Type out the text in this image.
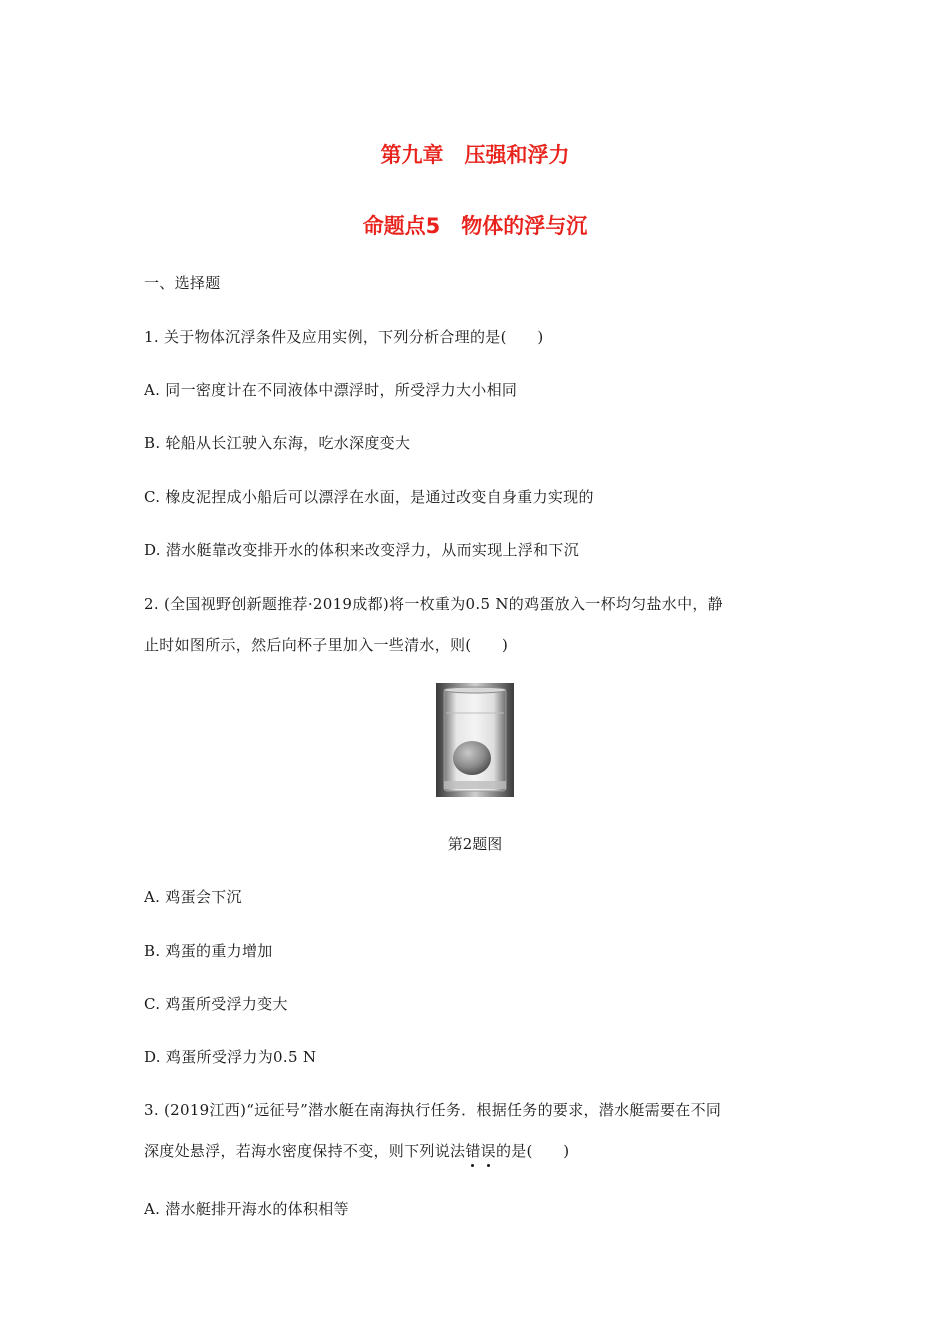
第九章　压强和浮力
命题点5　物体的浮与沉
一、选择题
1. 关于物体沉浮条件及应用实例，下列分析合理的是(　　)
A. 同一密度计在不同液体中漂浮时，所受浮力大小相同
B. 轮船从长江驶入东海，吃水深度变大
C. 橡皮泥捏成小船后可以漂浮在水面，是通过改变自身重力实现的
D. 潜水艇靠改变排开水的体积来改变浮力，从而实现上浮和下沉
2. (全国视野创新题推荐·2019成都)将一枚重为0.5 N的鸡蛋放入一杯均匀盐水中，静
止时如图所示，然后向杯子里加入一些清水，则(　　)
第2题图
A. 鸡蛋会下沉
B. 鸡蛋的重力增加
C. 鸡蛋所受浮力变大
D. 鸡蛋所受浮力为0.5 N
3. (2019江西)“远征号”潜水艇在南海执行任务．根据任务的要求，潜水艇需要在不同
深度处悬浮，若海水密度保持不变，则下列说法错误的是(　　)
A. 潜水艇排开海水的体积相等
